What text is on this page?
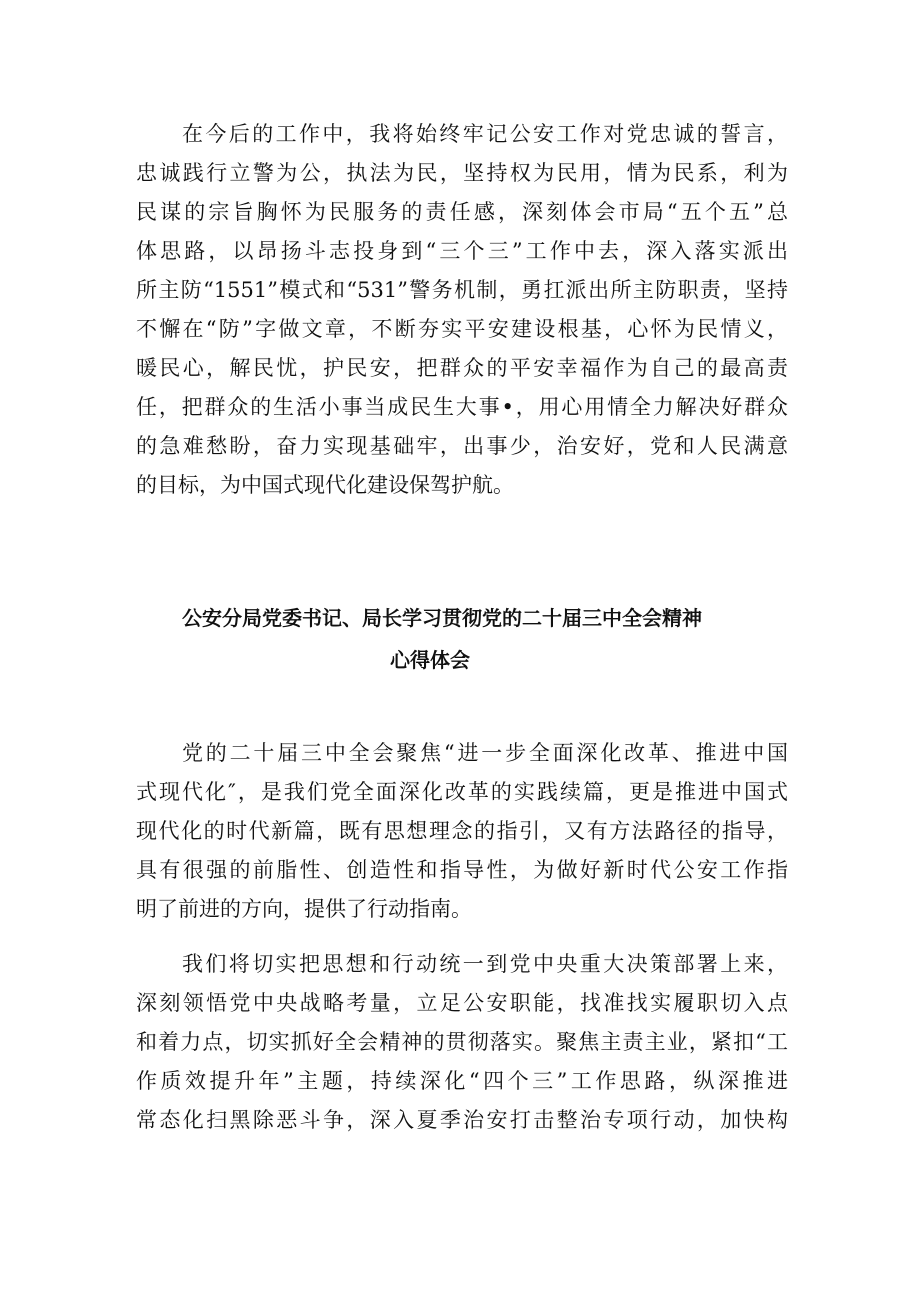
在今后的工作中，我将始终牢记公安工作对党忠诚的誓言，
忠诚践行立警为公，执法为民，坚持权为民用，情为民系，利为
民谋的宗旨胸怀为民服务的责任感，深刻体会市局“五个五”总
体思路，以昂扬斗志投身到“三个三”工作中去，深入落实派出
所主防“1551”模式和“531”警务机制，勇扛派出所主防职责，坚持
不懈在“防”字做文章，不断夯实平安建设根基，心怀为民情义，
暖民心，解民忧，护民安，把群众的平安幸福作为自己的最高责
任，把群众的生活小事当成民生大事•，用心用情全力解决好群众
的急难愁盼，奋力实现基础牢，出事少，治安好，党和人民满意
的目标，为中国式现代化建设保驾护航。
公安分局党委书记、局长学习贯彻党的二十届三中全会精神
心得体会
党的二十届三中全会聚焦“进一步全面深化改革、推进中国
式现代化″，是我们党全面深化改革的实践续篇，更是推进中国式
现代化的时代新篇，既有思想理念的指引，又有方法路径的指导，
具有很强的前脂性、创造性和指导性，为做好新时代公安工作指
明了前进的方向，提供了行动指南。
我们将切实把思想和行动统一到党中央重大决策部署上来，
深刻领悟党中央战略考量，立足公安职能，找准找实履职切入点
和着力点，切实抓好全会精神的贯彻落实。聚焦主责主业，紧扣“工
作质效提升年”主题，持续深化“四个三”工作思路，纵深推进
常态化扫黑除恶斗争，深入夏季治安打击整治专项行动，加快构
